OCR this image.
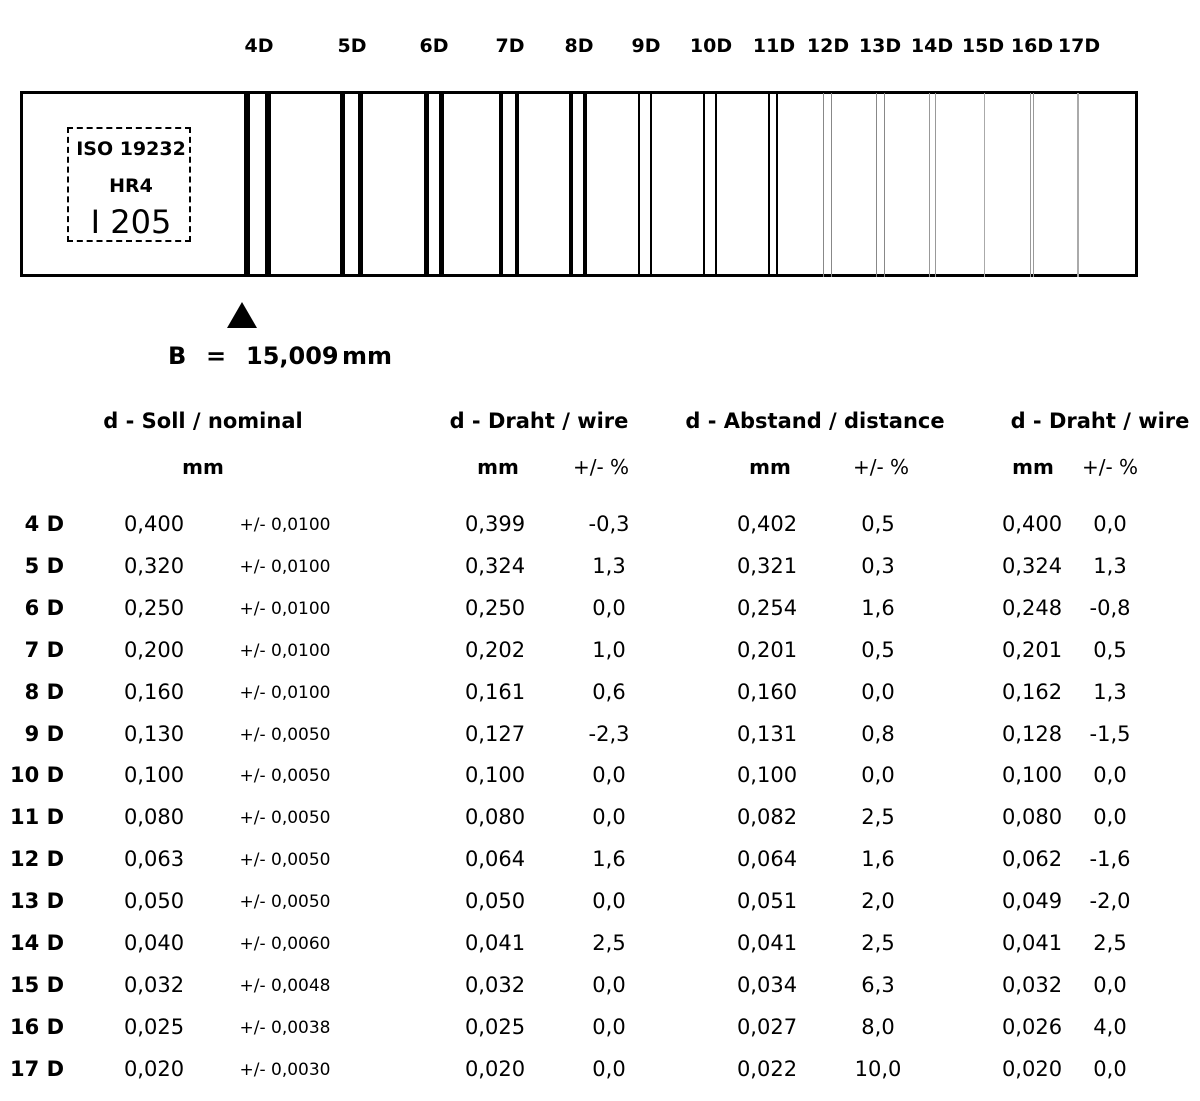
4D	5D	6D 7D 8D 9D 10D 11D 12D 13D 14D 15D 16D 17D
ISO 19232
HR4
I 205
B = 15,009 mm
d - Soll / nominal	d - Draht / wire	d - Abstand / distance	d - Draht / wire
mm	mm	+/- %	mm	+/- %	mm +/- %
4 D	0,400	+/- 0,0100	0,399	-0,3	0,402	0,5	0,400 0,0
5 D	0,320	+/- 0,0100	0,324	1,3	0,321	0,3	0,324 1,3
6 D	0,250	+/- 0,0100	0,250	0,0	0,254	1,6	0,248 -0,8
7 D	0,200	+/- 0,0100	0,202	1,0	0,201	0,5	0,201 0,5
8 D	0,160	+/- 0,0100	0,161	0,6	0,160	0,0	0,162 1,3
9 D	0,130	+/- 0,0050	0,127	-2,3	0,131	0,8	0,128 -1,5
10 D	0,100	+/- 0,0050	0,100	0,0	0,100	0,0	0,100 0,0
11 D	0,080	+/- 0,0050	0,080	0,0	0,082	2,5	0,080 0,0
12 D	0,063	+/- 0,0050	0,064	1,6	0,064	1,6	0,062 -1,6
13 D	0,050	+/- 0,0050	0,050	0,0	0,051	2,0	0,049 -2,0
14 D	0,040	+/- 0,0060	0,041	2,5	0,041	2,5	0,041 2,5
15 D	0,032	+/- 0,0048	0,032	0,0	0,034	6,3	0,032 0,0
16 D	0,025	+/- 0,0038	0,025	0,0	0,027	8,0	0,026 4,0
17 D	0,020	+/- 0,0030	0,020	0,0	0,022	10,0	0,020 0,0
